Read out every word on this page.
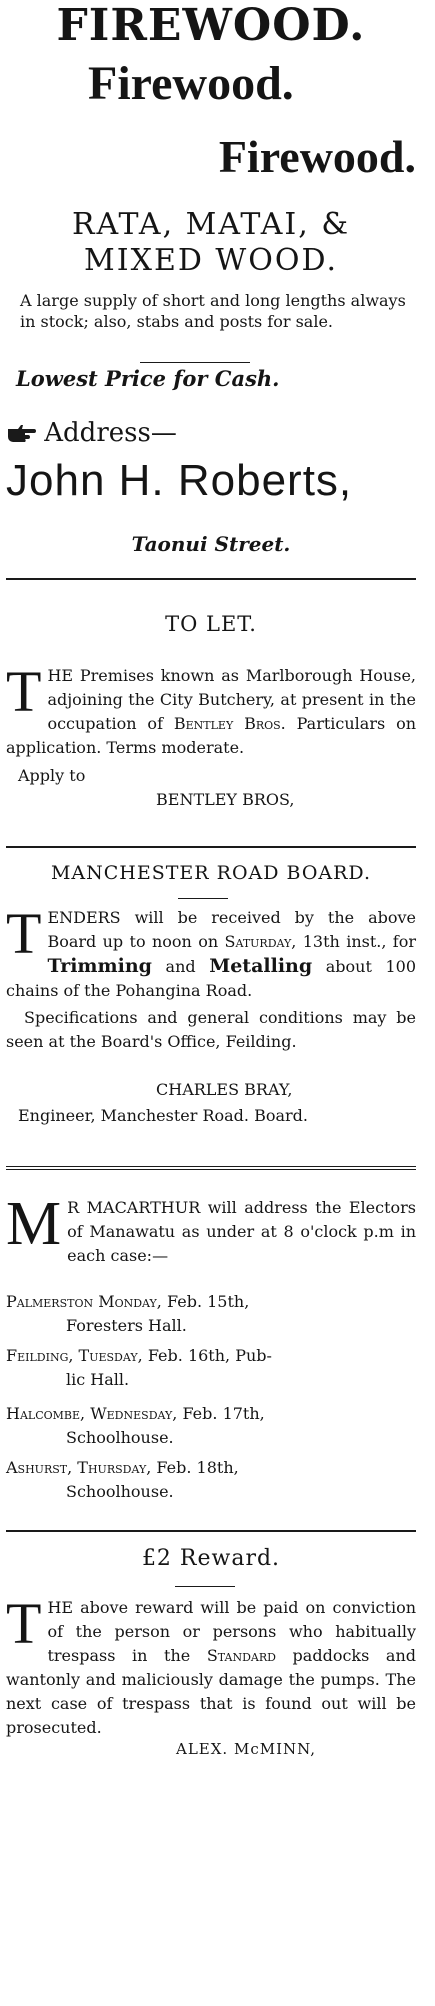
FIREWOOD.
Firewood.
Firewood.
RATA, MATAI, &
MIXED WOOD.
A large supply of short and long lengths always in stock; also, stabs and posts for sale.
Lowest Price for Cash.
Address—
John H. Roberts,
Taonui Street.
TO LET.
THE Premises known as Marlborough House, adjoining the City Butchery, at present in the occupation of Bentley Bros. Particulars on application. Terms moderate.
Apply to
BENTLEY BROS,
MANCHESTER ROAD BOARD.
TENDERS will be received by the above Board up to noon on Saturday, 13th inst., for Trimming and Metalling about 100 chains of the Pohangina Road.
Specifications and general conditions may be seen at the Board's Office, Feilding.
CHARLES BRAY,
Engineer, Manchester Road. Board.
M R MACARTHUR will address the Electors of Manawatu as under at 8 o'clock p.m in each case:—
Palmerston Monday, Feb. 15th,
Foresters Hall.
Feilding, Tuesday, Feb. 16th, Pub-
lic Hall.
Halcombe, Wednesday, Feb. 17th,
Schoolhouse.
Ashurst, Thursday, Feb. 18th,
Schoolhouse.
£2 Reward.
THE above reward will be paid on conviction of the person or persons who habitually trespass in the Standard paddocks and wantonly and maliciously damage the pumps. The next case of trespass that is found out will be prosecuted.
ALEX. McMINN,
